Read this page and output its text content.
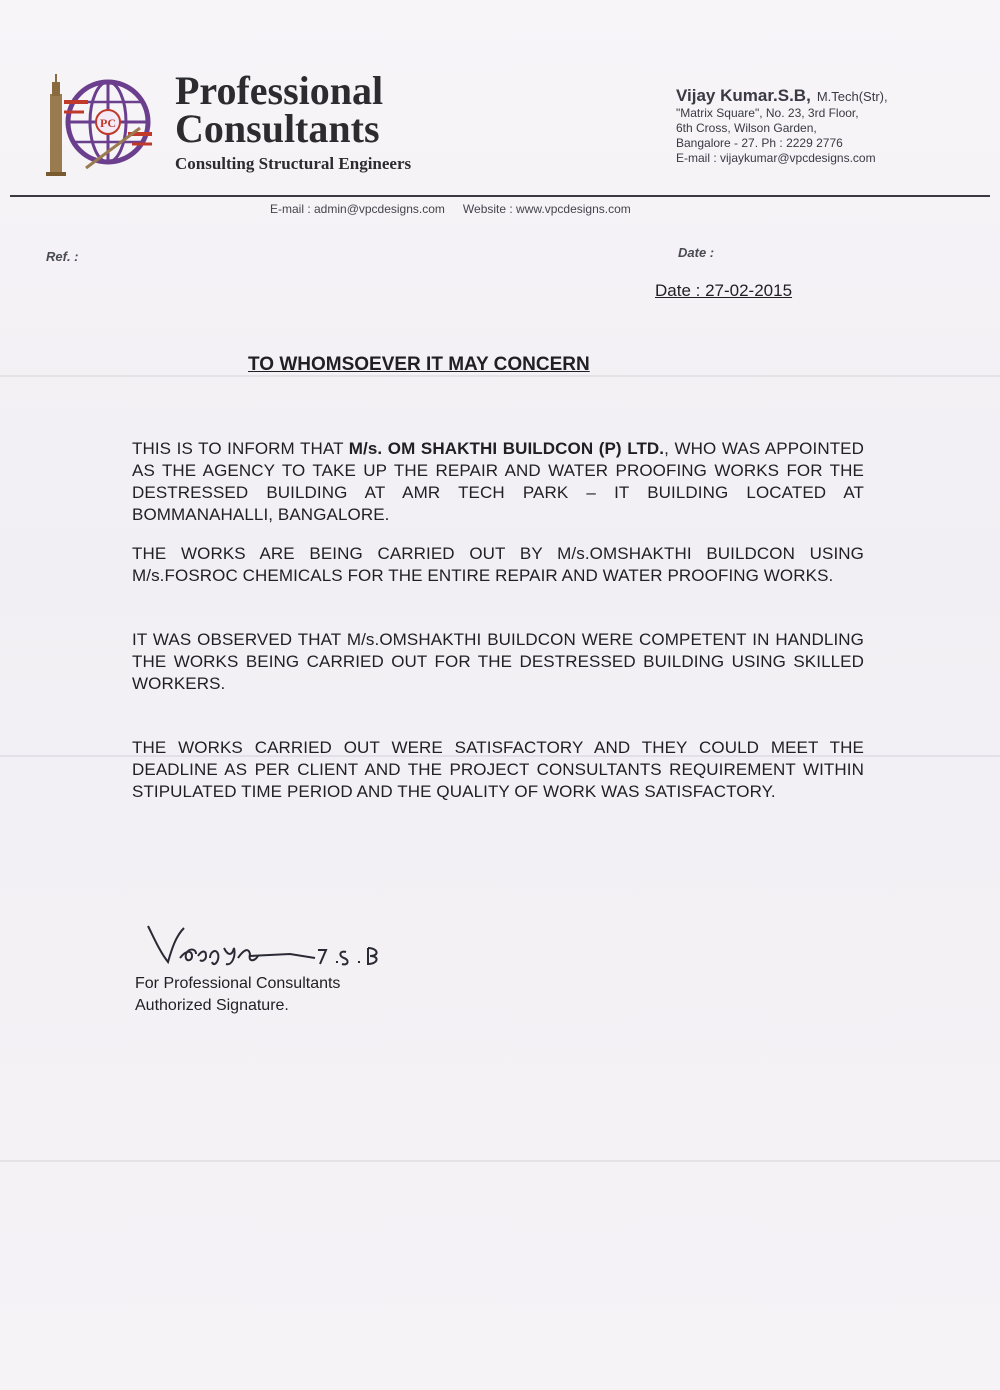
PC
Professional
Consultants
Consulting Structural Engineers
Vijay Kumar.S.B, M.Tech(Str),
"Matrix Square", No. 23, 3rd Floor,
6th Cross, Wilson Garden,
Bangalore - 27. Ph : 2229 2776
E-mail : vijaykumar@vpcdesigns.com
E-mail : admin@vpcdesigns.com Website : www.vpcdesigns.com
Ref. :	Date :
Date : 27-02-2015
TO WHOMSOEVER IT MAY CONCERN
THIS IS TO INFORM THAT M/s. OM SHAKTHI BUILDCON (P) LTD., WHO WAS APPOINTED AS THE AGENCY TO TAKE UP THE REPAIR AND WATER PROOFING WORKS FOR THE DESTRESSED BUILDING AT AMR TECH PARK – IT BUILDING LOCATED AT BOMMANAHALLI, BANGALORE.
THE WORKS ARE BEING CARRIED OUT BY M/s.OMSHAKTHI BUILDCON USING M/s.FOSROC CHEMICALS FOR THE ENTIRE REPAIR AND WATER PROOFING WORKS.
IT WAS OBSERVED THAT M/s.OMSHAKTHI BUILDCON WERE COMPETENT IN HANDLING THE WORKS BEING CARRIED OUT FOR THE DESTRESSED BUILDING USING SKILLED WORKERS.
THE WORKS CARRIED OUT WERE SATISFACTORY AND THEY COULD MEET THE DEADLINE AS PER CLIENT AND THE PROJECT CONSULTANTS REQUIREMENT WITHIN STIPULATED TIME PERIOD AND THE QUALITY OF WORK WAS SATISFACTORY.
For Professional Consultants
Authorized Signature.
